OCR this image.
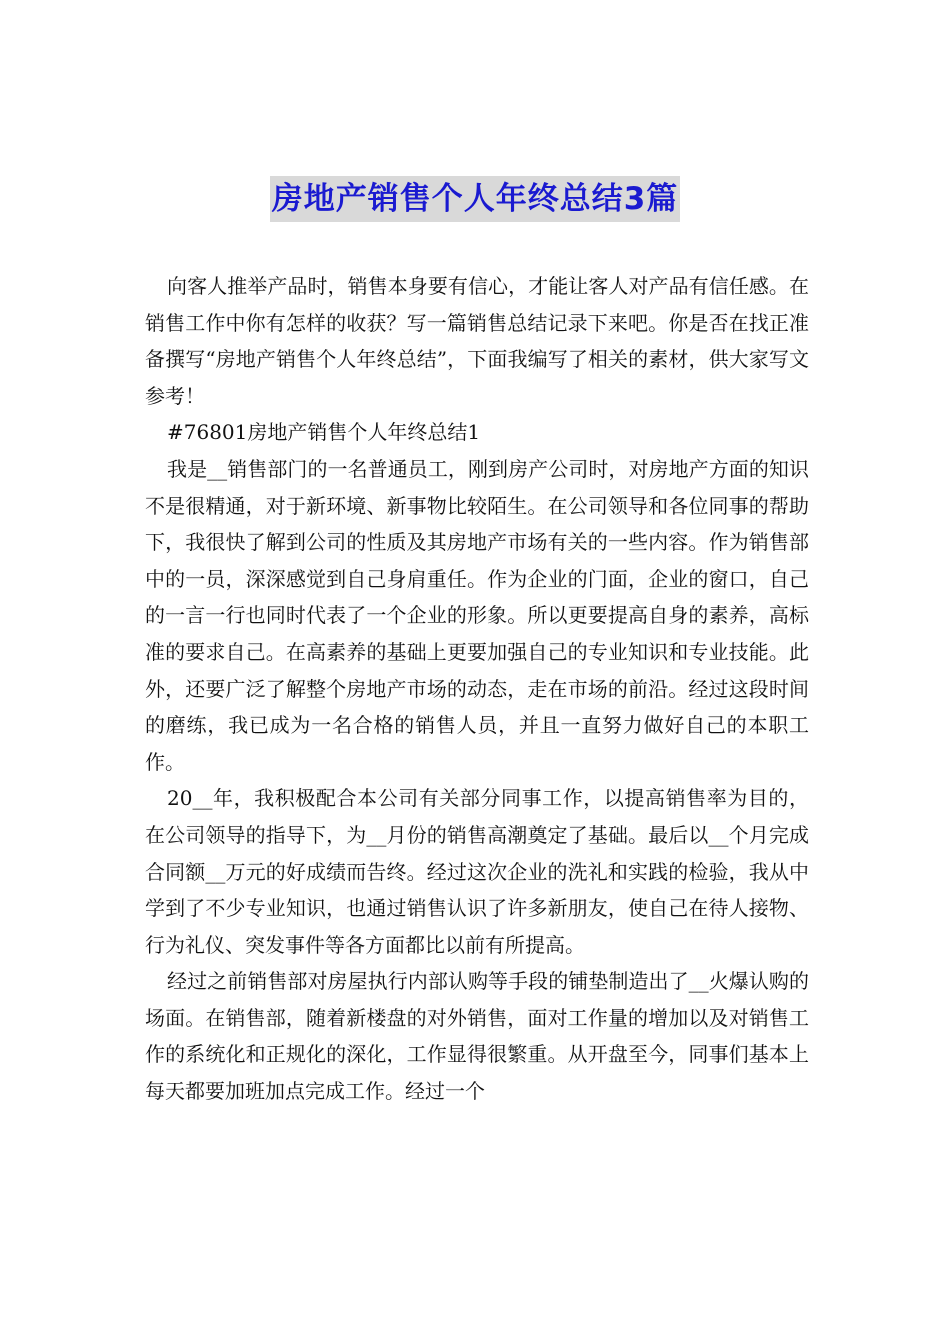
房地产销售个人年终总结3篇

向客人推举产品时，销售本身要有信心，才能让客人对产品有信任感。在销售工作中你有怎样的收获？写一篇销售总结记录下来吧。你是否在找正准备撰写“房地产销售个人年终总结”，下面我编写了相关的素材，供大家写文参考！

#76801房地产销售个人年终总结1

我是__销售部门的一名普通员工，刚到房产公司时，对房地产方面的知识不是很精通，对于新环境、新事物比较陌生。在公司领导和各位同事的帮助下，我很快了解到公司的性质及其房地产市场有关的一些内容。作为销售部中的一员，深深感觉到自己身肩重任。作为企业的门面，企业的窗口，自己的一言一行也同时代表了一个企业的形象。所以更要提高自身的素养，高标准的要求自己。在高素养的基础上更要加强自己的专业知识和专业技能。此外，还要广泛了解整个房地产市场的动态，走在市场的前沿。经过这段时间的磨练，我已成为一名合格的销售人员，并且一直努力做好自己的本职工作。

20__年，我积极配合本公司有关部分同事工作，以提高销售率为目的，在公司领导的指导下，为__月份的销售高潮奠定了基础。最后以__个月完成合同额__万元的好成绩而告终。经过这次企业的洗礼和实践的检验，我从中学到了不少专业知识，也通过销售认识了许多新朋友，使自己在待人接物、行为礼仪、突发事件等各方面都比以前有所提高。

经过之前销售部对房屋执行内部认购等手段的铺垫制造出了__火爆认购的场面。在销售部，随着新楼盘的对外销售，面对工作量的增加以及对销售工作的系统化和正规化的深化，工作显得很繁重。从开盘至今，同事们基本上每天都要加班加点完成工作。经过一个
